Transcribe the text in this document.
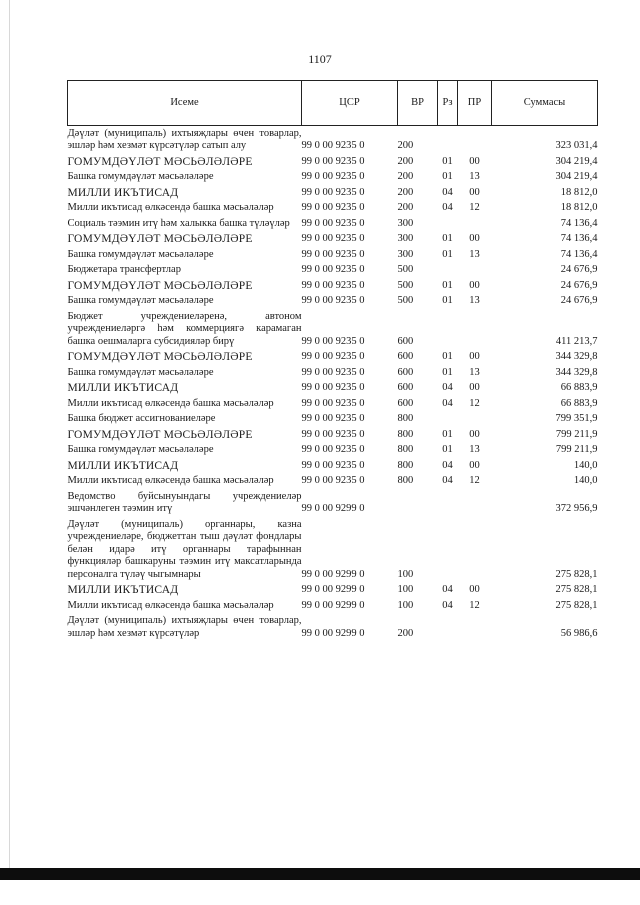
1107
Исеме	ЦСР	ВР	Рз	ПР	Суммасы
Дәүләт (муниципаль) ихтыяҗлары өчен товарлар, эшләр һәм хезмәт күрсәтүләр сатып алу	99 0 00 9235 0	200			323 031,4
ГОМУМДӘҮЛӘТ МӘСЬӘЛӘЛӘРЕ	99 0 00 9235 0	200	01	00	304 219,4
Башка гомумдәүләт мәсьәләләре	99 0 00 9235 0	200	01	13	304 219,4
МИЛЛИ ИКЪТИСАД	99 0 00 9235 0	200	04	00	18 812,0
Милли икътисад өлкәсендә башка мәсьәләләр	99 0 00 9235 0	200	04	12	18 812,0
Социаль тәэмин итү һәм халыкка башка түләүләр	99 0 00 9235 0	300			74 136,4
ГОМУМДӘҮЛӘТ МӘСЬӘЛӘЛӘРЕ	99 0 00 9235 0	300	01	00	74 136,4
Башка гомумдәүләт мәсьәләләре	99 0 00 9235 0	300	01	13	74 136,4
Бюджетара трансфертлар	99 0 00 9235 0	500			24 676,9
ГОМУМДӘҮЛӘТ МӘСЬӘЛӘЛӘРЕ	99 0 00 9235 0	500	01	00	24 676,9
Башка гомумдәүләт мәсьәләләре	99 0 00 9235 0	500	01	13	24 676,9
Бюджет учреждениеләренә, автоном учреждениеләргә һәм коммерциягә карамаган башка оешмаларга субсидияләр бирү	99 0 00 9235 0	600			411 213,7
ГОМУМДӘҮЛӘТ МӘСЬӘЛӘЛӘРЕ	99 0 00 9235 0	600	01	00	344 329,8
Башка гомумдәүләт мәсьәләләре	99 0 00 9235 0	600	01	13	344 329,8
МИЛЛИ ИКЪТИСАД	99 0 00 9235 0	600	04	00	66 883,9
Милли икътисад өлкәсендә башка мәсьәләләр	99 0 00 9235 0	600	04	12	66 883,9
Башка бюджет ассигнованиеләре	99 0 00 9235 0	800			799 351,9
ГОМУМДӘҮЛӘТ МӘСЬӘЛӘЛӘРЕ	99 0 00 9235 0	800	01	00	799 211,9
Башка гомумдәүләт мәсьәләләре	99 0 00 9235 0	800	01	13	799 211,9
МИЛЛИ ИКЪТИСАД	99 0 00 9235 0	800	04	00	140,0
Милли икътисад өлкәсендә башка мәсьәләләр	99 0 00 9235 0	800	04	12	140,0
Ведомство буйсынуындагы учреждениеләр эшчәнлеген тәэмин итү	99 0 00 9299 0				372 956,9
Дәүләт (муниципаль) органнары, казна учреждениеләре, бюджеттан тыш дәүләт фондлары белән идарә итү органнары тарафыннан функцияләр башкаруны тәэмин итү максатларында персоналга түләү чыгымнары	99 0 00 9299 0	100			275 828,1
МИЛЛИ ИКЪТИСАД	99 0 00 9299 0	100	04	00	275 828,1
Милли икътисад өлкәсендә башка мәсьәләләр	99 0 00 9299 0	100	04	12	275 828,1
Дәүләт (муниципаль) ихтыяҗлары өчен товарлар, эшләр һәм хезмәт күрсәтүләр	99 0 00 9299 0	200			56 986,6
